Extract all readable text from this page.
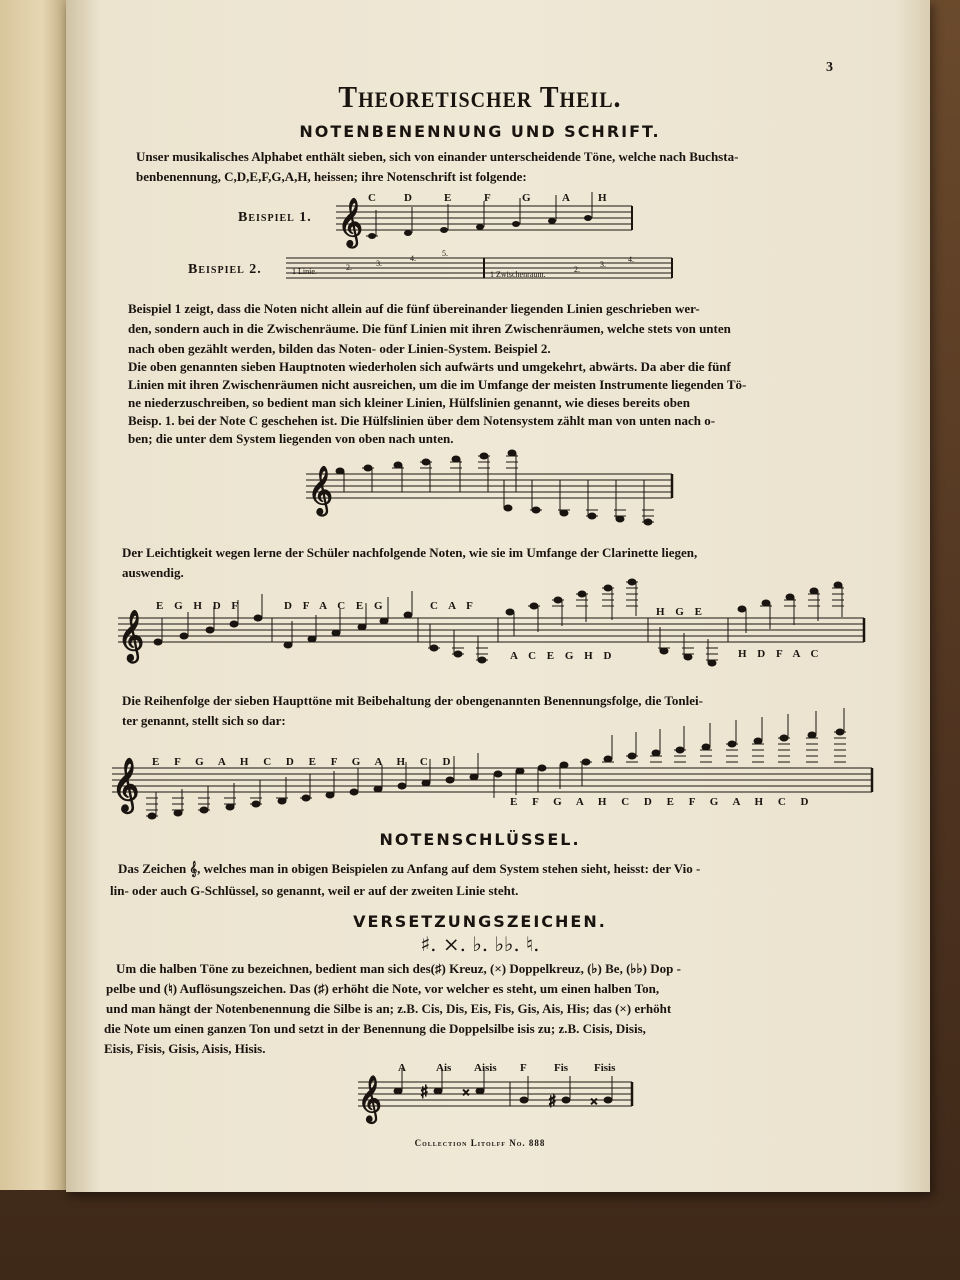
3

Theoretischer Theil.

NOTENBENENNUNG UND SCHRIFT.

Unser musikalisches Alphabet enthält sieben, sich von einander unterscheidende Töne, welche nach Buchsta-

benbenennung, C,D,E,F,G,A,H, heissen; ihre Notenschrift ist folgende:

Beispiel 1. 𝄞
C	D	E	F	G	A	H

Beispiel 2.	1 Linie.	2.	3.
4.
5.
1 Zwischenraum.
2.
3.
4.

Beispiel 1 zeigt, dass die Noten nicht allein auf die fünf übereinander liegenden Linien geschrieben wer-

den, sondern auch in die Zwischenräume. Die fünf Linien mit ihren Zwischenräumen, welche stets von unten

nach oben gezählt werden, bilden das Noten- oder Linien-System. Beispiel 2.

Die oben genannten sieben Hauptnoten wiederholen sich aufwärts und umgekehrt, abwärts. Da aber die fünf

Linien mit ihren Zwischenräumen nicht ausreichen, um die im Umfange der meisten Instrumente liegenden Tö-

ne niederzuschreiben, so bedient man sich kleiner Linien, Hülfslinien genannt, wie dieses bereits oben

Beisp. 1. bei der Note C geschehen ist. Die Hülfslinien über dem Notensystem zählt man von unten nach o-

ben; die unter dem System liegenden von oben nach unten.

𝄞

Der Leichtigkeit wegen lerne der Schüler nachfolgende Noten, wie sie im Umfange der Clarinette liegen,

auswendig.

𝄞

E G H D F	D F A C E G	C A F

A C E G H D

H G E

H D F A C

Die Reihenfolge der sieben Haupttöne mit Beibehaltung der obengenannten Benennungsfolge, die Tonlei-

ter genannt, stellt sich so dar:

𝄞 E F G A H C D E F G A H C D

E F G A H C D E F G A H C D

NOTENSCHLÜSSEL.

Das Zeichen 𝄞, welches man in obigen Beispielen zu Anfang auf dem System stehen sieht, heisst: der Vio -

lin- oder auch G-Schlüssel, so genannt, weil er auf der zweiten Linie steht.

VERSETZUNGSZEICHEN.

♯. ×. ♭. ♭♭. ♮.

Um die halben Töne zu bezeichnen, bedient man sich des(♯) Kreuz, (×) Doppelkreuz, (♭) Be, (♭♭) Dop -

pelbe und (♮) Auflösungszeichen. Das (♯) erhöht die Note, vor welcher es steht, um einen halben Ton,

und man hängt der Notenbenennung die Silbe is an; z.B. Cis, Dis, Eis, Fis, Gis, Ais, His; das (×) erhöht

die Note um einen ganzen Ton und setzt in der Benennung die Doppelsilbe isis zu; z.B. Cisis, Disis,

Eisis, Fisis, Gisis, Aisis, Hisis.

𝄞 ♯ ×	♯ ×
A	Ais Aisis F Fis Fisis

Collection Litolff No. 888
